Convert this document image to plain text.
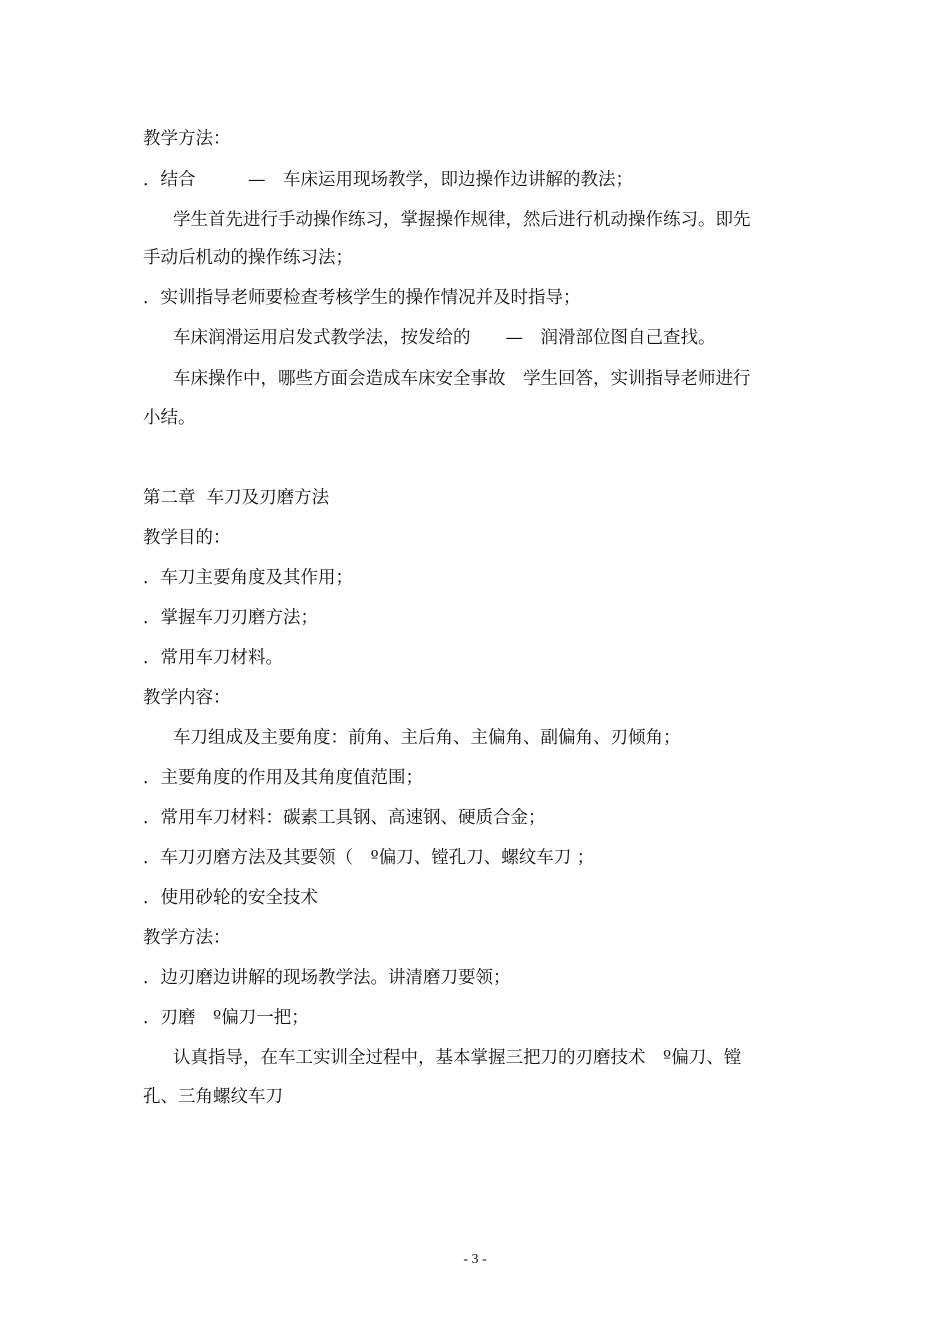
教学方法：
．结合　　　—　车床运用现场教学，即边操作边讲解的教法；
学生首先进行手动操作练习，掌握操作规律，然后进行机动操作练习。即先
手动后机动的操作练习法；
．实训指导老师要检查考核学生的操作情况并及时指导；
车床润滑运用启发式教学法，按发给的　　—　润滑部位图自己查找。
车床操作中，哪些方面会造成车床安全事故　学生回答，实训指导老师进行
小结。
第二章  车刀及刃磨方法
教学目的：
．车刀主要角度及其作用；
．掌握车刀刃磨方法；
．常用车刀材料。
教学内容：
车刀组成及主要角度：前角、主后角、主偏角、副偏角、刃倾角；
．主要角度的作用及其角度值范围；
．常用车刀材料：碳素工具钢、高速钢、硬质合金；
．车刀刃磨方法及其要领（　º偏刀、镗孔刀、螺纹车刀 ；
．使用砂轮的安全技术
教学方法：
．边刃磨边讲解的现场教学法。讲清磨刀要领；
．刃磨　º偏刀一把；
认真指导，在车工实训全过程中，基本掌握三把刀的刃磨技术　º偏刀、镗
孔、三角螺纹车刀
- 3 -
